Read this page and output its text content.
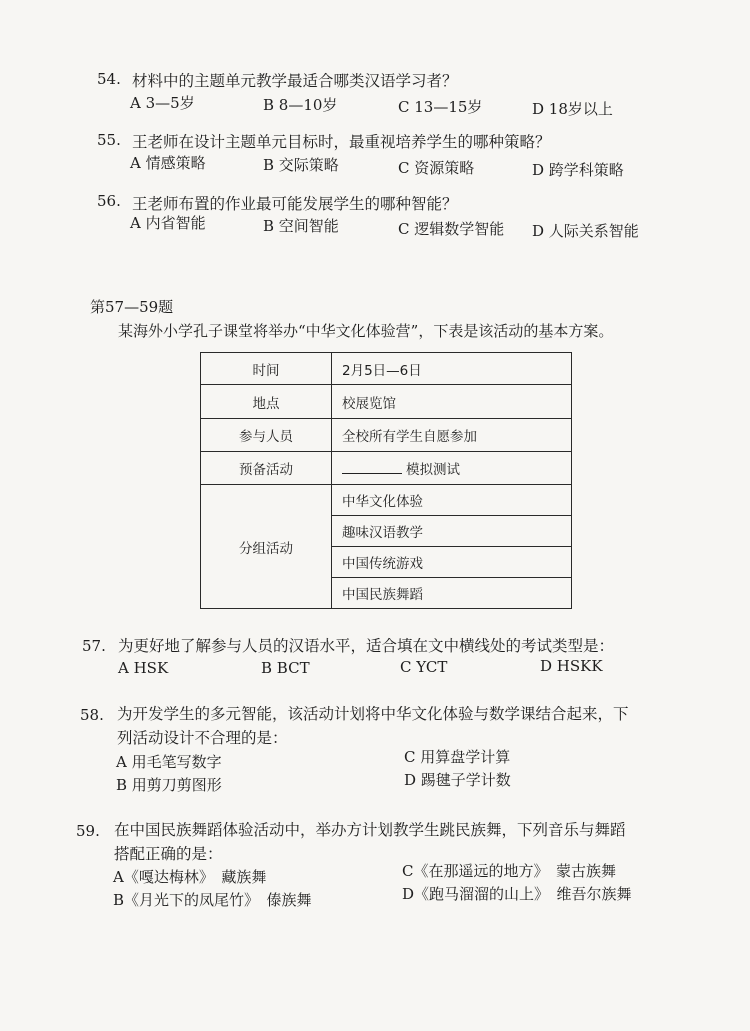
54. 材料中的主题单元教学最适合哪类汉语学习者？
A 3—5岁	B 8—10岁	C 13—15岁	D 18岁以上
55. 王老师在设计主题单元目标时，最重视培养学生的哪种策略？
A 情感策略	B 交际策略	C 资源策略	D 跨学科策略
56. 王老师布置的作业最可能发展学生的哪种智能？
A 内省智能	B 空间智能	C 逻辑数学智能 D 人际关系智能
第57—59题
某海外小学孔子课堂将举办“中华文化体验营”，下表是该活动的基本方案。
时间	2月5日—6日
地点	校展览馆
参与人员	全校所有学生自愿参加
预备活动	模拟测试
分组活动	中华文化体验
	趣味汉语教学
	中国传统游戏
	中国民族舞蹈
57. 为更好地了解参与人员的汉语水平，适合填在文中横线处的考试类型是：
A HSK	B BCT	C YCT	D HSKK
58. 为开发学生的多元智能，该活动计划将中华文化体验与数学课结合起来，下
列活动设计不合理的是：
A 用毛笔写数字
B 用剪刀剪图形
C 用算盘学计算
D 踢毽子学计数
59. 在中国民族舞蹈体验活动中，举办方计划教学生跳民族舞，下列音乐与舞蹈
搭配正确的是：
A《嘎达梅林》　藏族舞
B《月光下的凤尾竹》　傣族舞
C《在那遥远的地方》　蒙古族舞
D《跑马溜溜的山上》　维吾尔族舞
